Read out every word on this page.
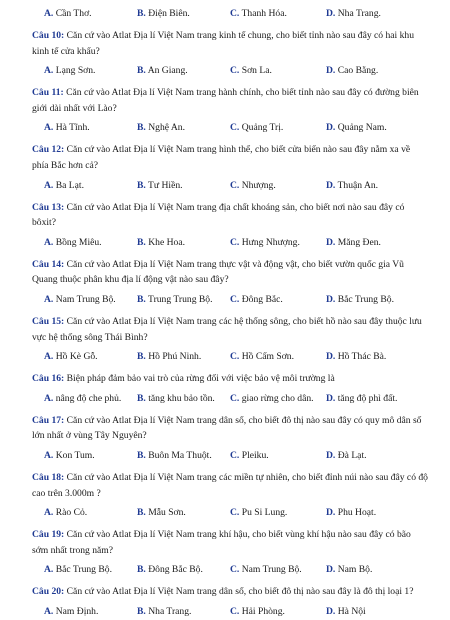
A. Cần Thơ.	B. Điện Biên.	C. Thanh Hóa.	D. Nha Trang.

Câu 10: Căn cứ vào Atlat Địa lí Việt Nam trang kinh tế chung, cho biết tỉnh nào sau đây có hai khu kinh tế cửa khẩu?

A. Lạng Sơn.	B. An Giang.	C. Sơn La.	D. Cao Bằng.

Câu 11: Căn cứ vào Atlat Địa lí Việt Nam trang hành chính, cho biết tỉnh nào sau đây có đường biên giới dài nhất với Lào?

A. Hà Tĩnh.	B. Nghệ An.	C. Quảng Trị.	D. Quảng Nam.

Câu 12: Căn cứ vào Atlat Địa lí Việt Nam trang hình thể, cho biết cửa biển nào sau đây nằm xa về phía Bắc hơn cả?

A. Ba Lạt.	B. Tư Hiền.	C. Nhượng.	D. Thuận An.

Câu 13: Căn cứ vào Atlat Địa lí Việt Nam trang địa chất khoáng sản, cho biết nơi nào sau đây có bôxit?

A. Bồng Miêu.	B. Khe Hoa.	C. Hưng Nhượng.	D. Măng Đen.

Câu 14: Căn cứ vào Atlat Địa lí Việt Nam trang thực vật và động vật, cho biết vườn quốc gia Vũ Quang thuộc phân khu địa lí động vật nào sau đây?

A. Nam Trung Bộ. B. Trung Trung Bộ. C. Đông Bắc.	D. Bắc Trung Bộ.

Câu 15: Căn cứ vào Atlat Địa lí Việt Nam trang các hệ thống sông, cho biết hồ nào sau đây thuộc lưu vực hệ thống sông Thái Bình?

A. Hồ Kè Gỗ.	B. Hồ Phú Ninh.	C. Hồ Cấm Sơn.	D. Hồ Thác Bà.

Câu 16: Biện pháp đảm bảo vai trò của rừng đối với việc bảo vệ môi trường là

A. nâng độ che phủ. B. tăng khu bảo tồn. C. giao rừng cho dân. D. tăng độ phì đất.

Câu 17: Căn cứ vào Atlat Địa lí Việt Nam trang dân số, cho biết đô thị nào sau đây có quy mô dân số lớn nhất ở vùng Tây Nguyên?

A. Kon Tum.	B. Buôn Ma Thuột. C. Pleiku.	D. Đà Lạt.

Câu 18: Căn cứ vào Atlat Địa lí Việt Nam trang các miền tự nhiên, cho biết đỉnh núi nào sau đây có độ cao trên 3.000m ?

A. Rào Cỏ.	B. Mẫu Sơn.	C. Pu Si Lung.	D. Phu Hoạt.

Câu 19: Căn cứ vào Atlat Địa lí Việt Nam trang khí hậu, cho biết vùng khí hậu nào sau đây có bão sớm nhất trong năm?

A. Bắc Trung Bộ.	B. Đông Bắc Bộ.	C. Nam Trung Bộ.	D. Nam Bộ.

Câu 20: Căn cứ vào Atlat Địa lí Việt Nam trang dân số, cho biết đô thị nào sau đây là đô thị loại 1?

A. Nam Định.	B. Nha Trang.	C. Hải Phòng.	D. Hà Nội
